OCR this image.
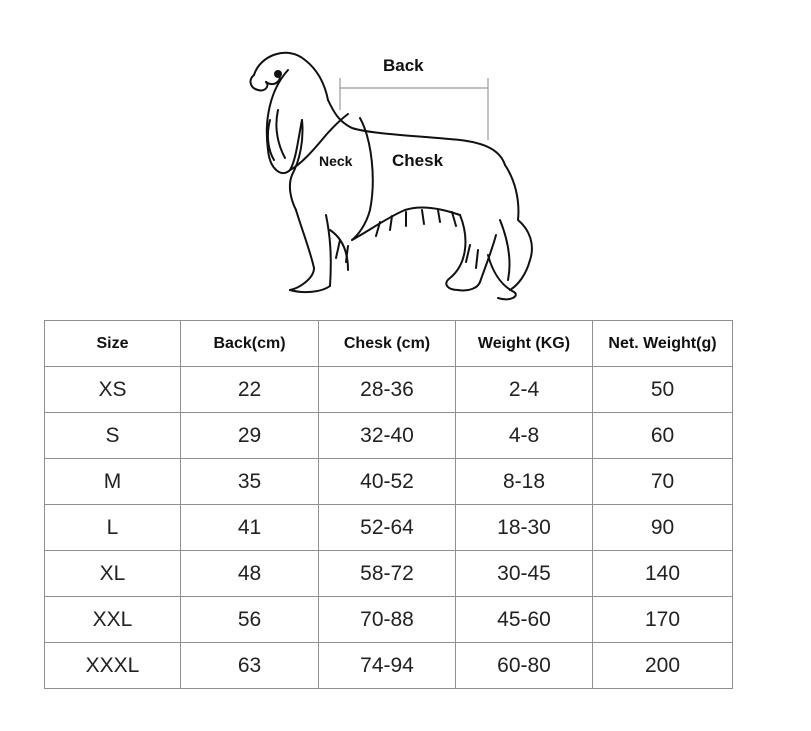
Back
Neck Chesk
Size	Back(cm)	Chesk (cm)	Weight (KG)	Net. Weight(g)
XS	22	28-36	2-4	50
S	29	32-40	4-8	60
M	35	40-52	8-18	70
L	41	52-64	18-30	90
XL	48	58-72	30-45	140
XXL	56	70-88	45-60	170
XXXL	63	74-94	60-80	200
